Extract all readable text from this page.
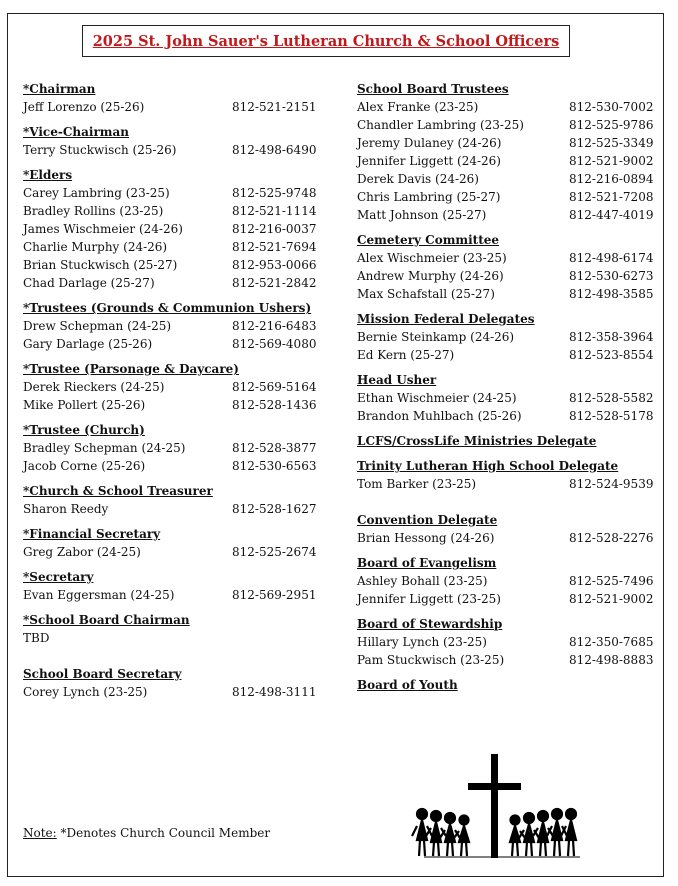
2025 St. John Sauer's Lutheran Church & School Officers
*Chairman
Jeff Lorenzo (25-26)	812-521-2151
*Vice-Chairman
Terry Stuckwisch (25-26)	812-498-6490
*Elders
Carey Lambring (23-25)	812-525-9748
Bradley Rollins (23-25)	812-521-1114
James Wischmeier (24-26)	812-216-0037
Charlie Murphy (24-26)	812-521-7694
Brian Stuckwisch (25-27)	812-953-0066
Chad Darlage (25-27)	812-521-2842
*Trustees (Grounds & Communion Ushers)
Drew Schepman (24-25)	812-216-6483
Gary Darlage (25-26)	812-569-4080
*Trustee (Parsonage & Daycare)
Derek Rieckers (24-25)	812-569-5164
Mike Pollert (25-26)	812-528-1436
*Trustee (Church)
Bradley Schepman (24-25)	812-528-3877
Jacob Corne (25-26)	812-530-6563
*Church & School Treasurer
Sharon Reedy	812-528-1627
*Financial Secretary
Greg Zabor (24-25)	812-525-2674
*Secretary
Evan Eggersman (24-25)	812-569-2951
*School Board Chairman
TBD
School Board Secretary
Corey Lynch (23-25)	812-498-3111
School Board Trustees
Alex Franke (23-25)	812-530-7002
Chandler Lambring (23-25)	812-525-9786
Jeremy Dulaney (24-26)	812-525-3349
Jennifer Liggett (24-26)	812-521-9002
Derek Davis (24-26)	812-216-0894
Chris Lambring (25-27)	812-521-7208
Matt Johnson (25-27)	812-447-4019
Cemetery Committee
Alex Wischmeier (23-25)	812-498-6174
Andrew Murphy (24-26)	812-530-6273
Max Schafstall (25-27)	812-498-3585
Mission Federal Delegates
Bernie Steinkamp (24-26)	812-358-3964
Ed Kern (25-27)	812-523-8554
Head Usher
Ethan Wischmeier (24-25)	812-528-5582
Brandon Muhlbach (25-26)	812-528-5178
LCFS/CrossLife Ministries Delegate
Trinity Lutheran High School Delegate
Tom Barker (23-25)	812-524-9539
Convention Delegate
Brian Hessong (24-26)	812-528-2276
Board of Evangelism
Ashley Bohall (23-25)	812-525-7496
Jennifer Liggett (23-25)	812-521-9002
Board of Stewardship
Hillary Lynch (23-25)	812-350-7685
Pam Stuckwisch (23-25)	812-498-8883
Board of Youth
Note: *Denotes Church Council Member
